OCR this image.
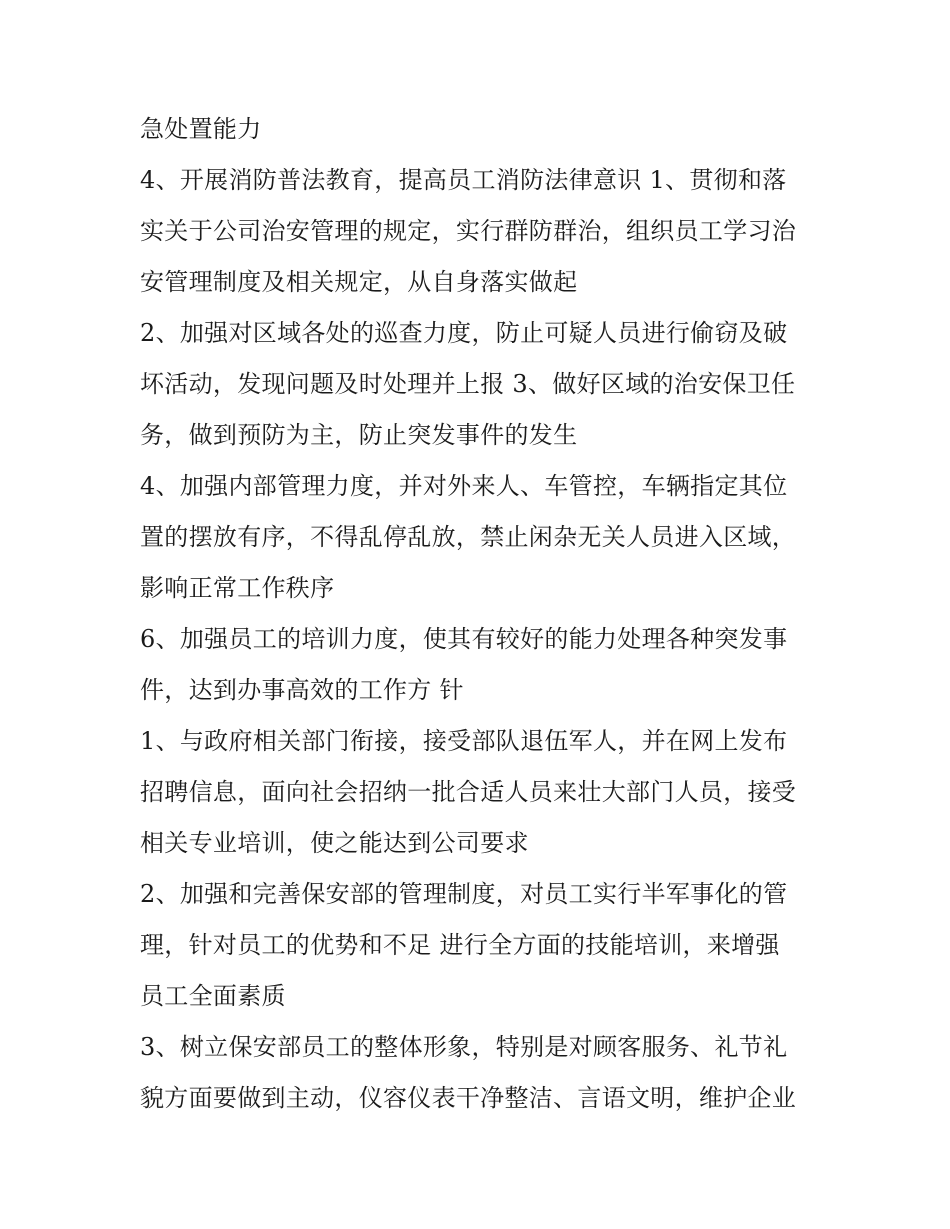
急处置能力
4、开展消防普法教育，提高员工消防法律意识 1、贯彻和落
实关于公司治安管理的规定，实行群防群治，组织员工学习治
安管理制度及相关规定，从自身落实做起
2、加强对区域各处的巡查力度，防止可疑人员进行偷窃及破
坏活动，发现问题及时处理并上报 3、做好区域的治安保卫任
务，做到预防为主，防止突发事件的发生
4、加强内部管理力度，并对外来人、车管控，车辆指定其位
置的摆放有序，不得乱停乱放，禁止闲杂无关人员进入区域，
影响正常工作秩序
6、加强员工的培训力度，使其有较好的能力处理各种突发事
件，达到办事高效的工作方 针
1、与政府相关部门衔接，接受部队退伍军人，并在网上发布
招聘信息，面向社会招纳一批合适人员来壮大部门人员，接受
相关专业培训，使之能达到公司要求
2、加强和完善保安部的管理制度，对员工实行半军事化的管
理，针对员工的优势和不足 进行全方面的技能培训，来增强
员工全面素质
3、树立保安部员工的整体形象，特别是对顾客服务、礼节礼
貌方面要做到主动，仪容仪表干净整洁、言语文明，维护企业
